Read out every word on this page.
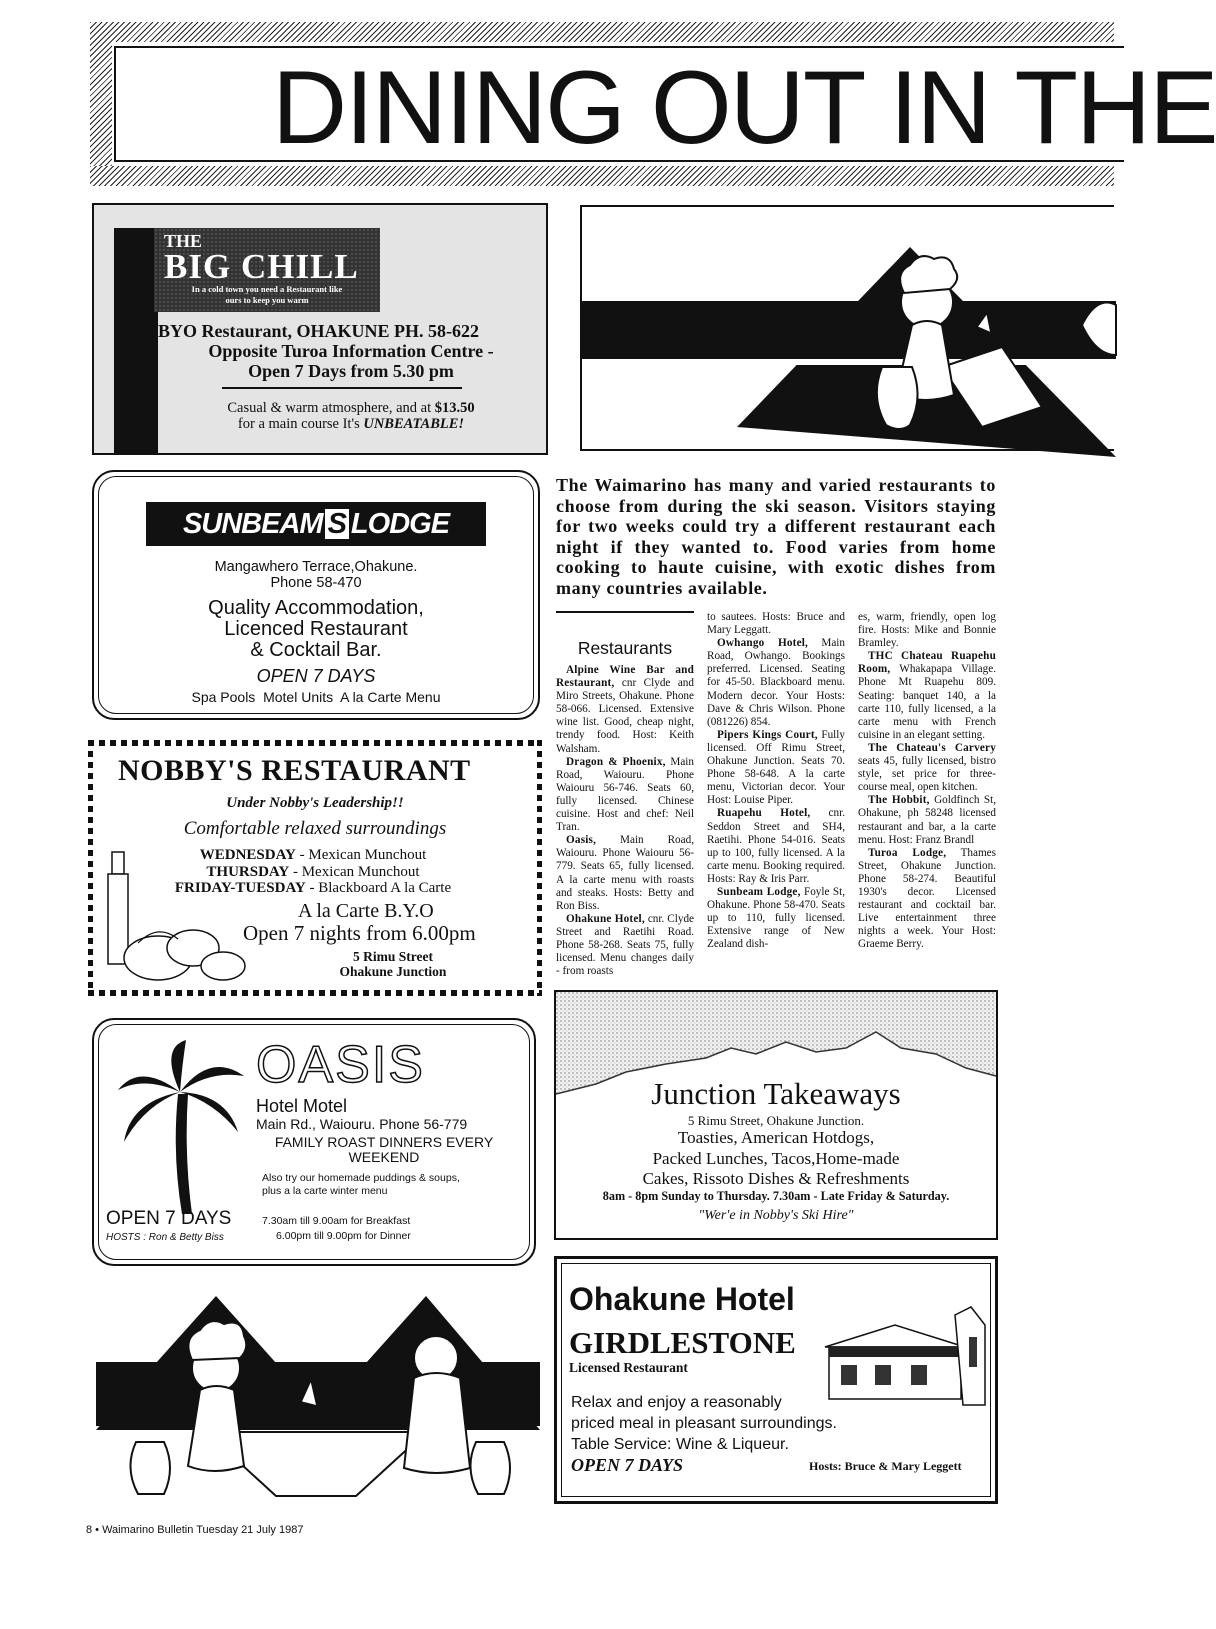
DINING OUT IN THE
THE
BIG CHILL
In a cold town you need a Restaurant like
ours to keep you warm
BYO Restaurant, OHAKUNE PH. 58-622
Opposite Turoa Information Centre -
Open 7 Days from 5.30 pm
Casual & warm atmosphere, and at $13.50
for a main course It's UNBEATABLE!
SUNBEAM S LODGE
Mangawhero Terrace,Ohakune.
Phone 58-470
Quality Accommodation,
Licenced Restaurant
& Cocktail Bar.
OPEN 7 DAYS
Spa Pools  Motel Units  A la Carte Menu
NOBBY'S RESTAURANT
Under Nobby's Leadership!!
Comfortable relaxed surroundings
WEDNESDAY - Mexican Munchout
THURSDAY - Mexican Munchout
FRIDAY-TUESDAY - Blackboard A la Carte
A la Carte B.Y.O
Open 7 nights from 6.00pm
5 Rimu Street
Ohakune Junction
OASIS
Hotel Motel
Main Rd., Waiouru. Phone 56-779
FAMILY ROAST DINNERS EVERY
WEEKEND
Also try our homemade puddings & soups,
plus a la carte winter menu
OPEN 7 DAYS
HOSTS : Ron & Betty Biss
7.30am till 9.00am for Breakfast
6.00pm till 9.00pm for Dinner
The Waimarino has many and varied restaurants to choose from during the ski season. Visitors staying for two weeks could try a different restaurant each night if they wanted to. Food varies from home cooking to haute cuisine, with exotic dishes from many countries available.
Restaurants

Alpine Wine Bar and Restaurant, cnr Clyde and Miro Streets, Ohakune. Phone 58-066. Licensed. Extensive wine list. Good, cheap night, trendy food. Host: Keith Walsham.

Dragon & Phoenix, Main Road, Waiouru. Phone Waiouru 56-746. Seats 60, fully licensed. Chinese cuisine. Host and chef: Neil Tran.

Oasis, Main Road, Waiouru. Phone Waiouru 56-779. Seats 65, fully licensed. A la carte menu with roasts and steaks. Hosts: Betty and Ron Biss.

Ohakune Hotel, cnr. Clyde Street and Raetihi Road. Phone 58-268. Seats 75, fully licensed. Menu changes daily - from roasts

to sautees. Hosts: Bruce and Mary Leggatt.

Owhango Hotel, Main Road, Owhango. Bookings preferred. Licensed. Seating for 45-50. Blackboard menu. Modern decor. Your Hosts: Dave & Chris Wilson. Phone (081226) 854.

Pipers Kings Court, Fully licensed. Off Rimu Street, Ohakune Junction. Seats 70. Phone 58-648. A la carte menu, Victorian decor. Your Host: Louise Piper.

Ruapehu Hotel, cnr. Seddon Street and SH4, Raetihi. Phone 54-016. Seats up to 100, fully licensed. A la carte menu. Booking required. Hosts: Ray & Iris Parr.

Sunbeam Lodge, Foyle St, Ohakune. Phone 58-470. Seats up to 110, fully licensed. Extensive range of New Zealand dish-

es, warm, friendly, open log fire. Hosts: Mike and Bonnie Bramley.

THC Chateau Ruapehu Room, Whakapapa Village. Phone Mt Ruapehu 809. Seating: banquet 140, a la carte 110, fully licensed, a la carte menu with French cuisine in an elegant setting.

The Chateau's Carvery seats 45, fully licensed, bistro style, set price for three-course meal, open kitchen.

The Hobbit, Goldfinch St, Ohakune, ph 58248 licensed restaurant and bar, a la carte menu. Host: Franz Brandl

Turoa Lodge, Thames Street, Ohakune Junction. Phone 58-274. Beautiful 1930's decor. Licensed restaurant and cocktail bar. Live entertainment three nights a week. Your Host: Graeme Berry.

Junction Takeaways
5 Rimu Street, Ohakune Junction.
Toasties, American Hotdogs,
Packed Lunches, Tacos,Home-made
Cakes, Rissoto Dishes & Refreshments
8am - 8pm Sunday to Thursday. 7.30am - Late Friday & Saturday.
"Wer'e in Nobby's Ski Hire"
Ohakune Hotel
GIRDLESTONE
Licensed Restaurant
Relax and enjoy a reasonably
priced meal in pleasant surroundings.
Table Service: Wine & Liqueur.
OPEN 7 DAYS	Hosts: Bruce & Mary Leggett
8 • Waimarino Bulletin Tuesday 21 July 1987
